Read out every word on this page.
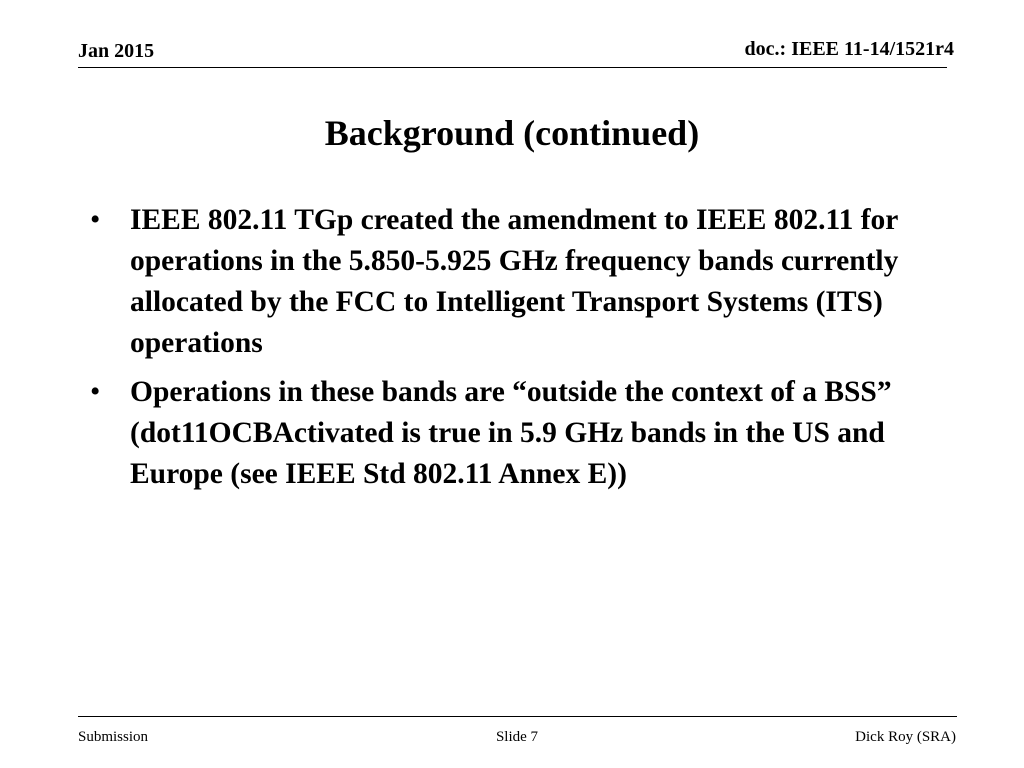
Jan 2015	doc.: IEEE 11-14/1521r4
Background (continued)
• IEEE 802.11 TGp created the amendment to IEEE 802.11 for operations in the 5.850-5.925 GHz frequency bands currently allocated by the FCC to Intelligent Transport Systems (ITS) operations
• Operations in these bands are “outside the context of a BSS” (dot11OCBActivated is true in 5.9 GHz bands in the US and Europe (see IEEE Std 802.11 Annex E))
Submission	Slide 7	Dick Roy (SRA)
